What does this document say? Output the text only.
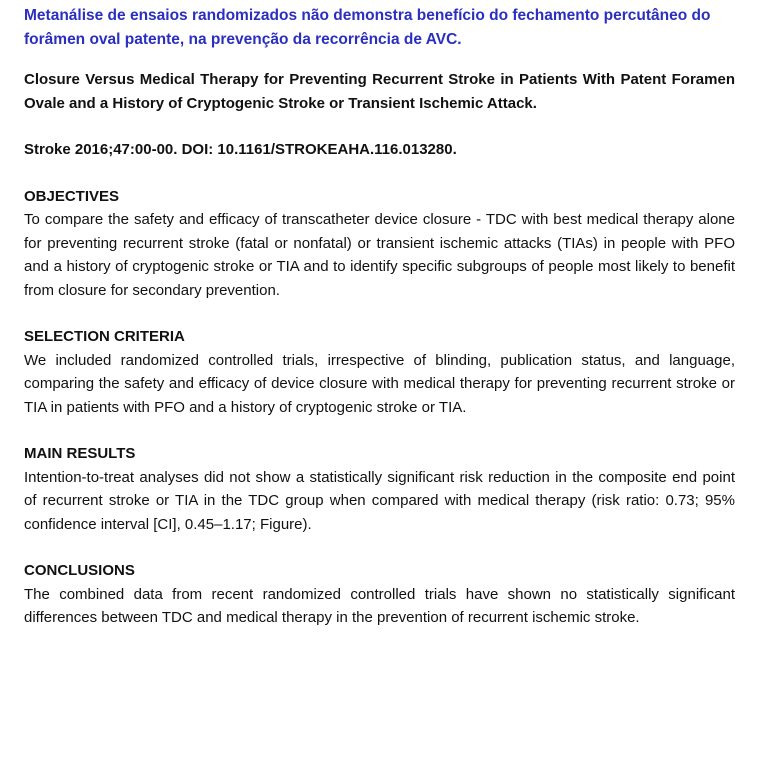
Metanálise de ensaios randomizados não demonstra benefício do fechamento percutâneo do forâmen oval patente, na prevenção da recorrência de AVC.

Closure Versus Medical Therapy for Preventing Recurrent Stroke in Patients With Patent Foramen Ovale and a History of Cryptogenic Stroke or Transient Ischemic Attack.

Stroke 2016;47:00-00. DOI: 10.1161/STROKEAHA.116.013280.

OBJECTIVES

To compare the safety and efficacy of transcatheter device closure - TDC with best medical therapy alone for preventing recurrent stroke (fatal or nonfatal) or transient ischemic attacks (TIAs) in people with PFO and a history of cryptogenic stroke or TIA and to identify specific subgroups of people most likely to benefit from closure for secondary prevention.

SELECTION CRITERIA

We included randomized controlled trials, irrespective of blinding, publication status, and language, comparing the safety and efficacy of device closure with medical therapy for preventing recurrent stroke or TIA in patients with PFO and a history of cryptogenic stroke or TIA.

MAIN RESULTS

Intention-to-treat analyses did not show a statistically significant risk reduction in the composite end point of recurrent stroke or TIA in the TDC group when compared with medical therapy (risk ratio: 0.73; 95% confidence interval [CI], 0.45–1.17; Figure).

CONCLUSIONS

The combined data from recent randomized controlled trials have shown no statistically significant differences between TDC and medical therapy in the prevention of recurrent ischemic stroke.
